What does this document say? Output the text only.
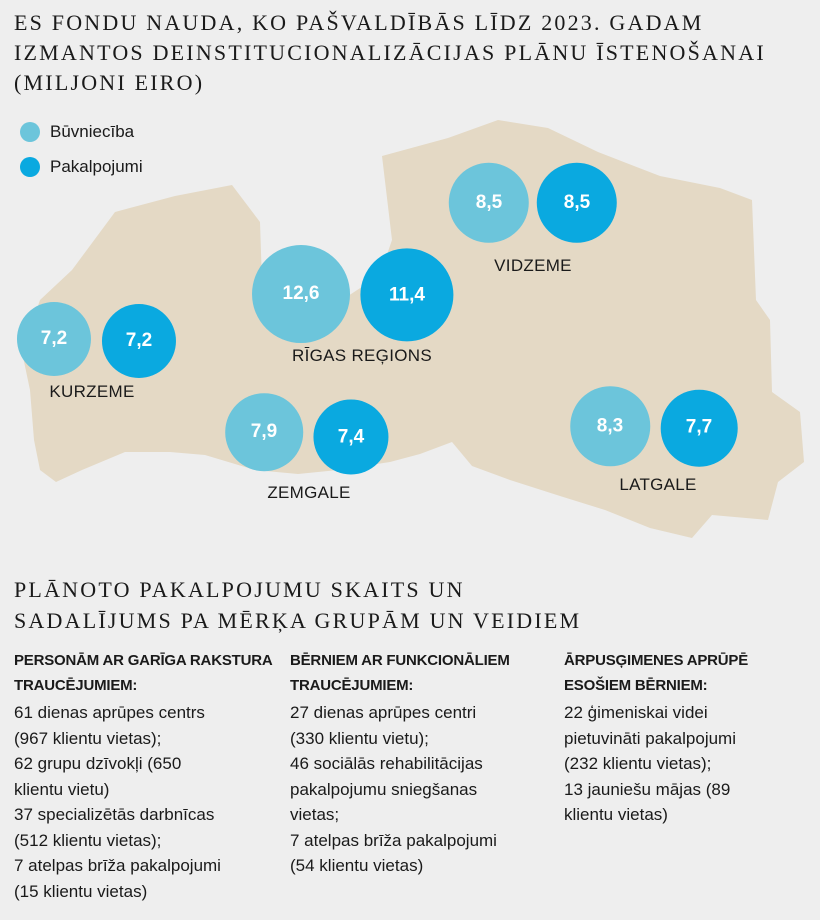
ES FONDU NAUDA, KO PAŠVALDĪBĀS LĪDZ 2023. GADAM
IZMANTOS DEINSTITUCIONALIZĀCIJAS PLĀNU ĪSTENOŠANAI
(MILJONI EIRO)
Būvniecība
Pakalpojumi
7,2	7,2
KURZEME
12,6	11,4
RĪGAS REĢIONS
8,5	8,5
VIDZEME
7,9	7,4
ZEMGALE
8,3	7,7
LATGALE
PLĀNOTO PAKALPOJUMU SKAITS UN
SADALĪJUMS PA MĒRĶA GRUPĀM UN VEIDIEM
PERSONĀM AR GARĪGA RAKSTURA
TRAUCĒJUMIEM:

61 dienas aprūpes centrs
(967 klientu vietas);
62 grupu dzīvokļi (650
klientu vietu)
37 specializētās darbnīcas
(512 klientu vietas);
7 atelpas brīža pakalpojumi
(15 klientu vietas)

BĒRNIEM AR FUNKCIONĀLIEM
TRAUCĒJUMIEM:

27 dienas aprūpes centri
(330 klientu vietu);
46 sociālās rehabilitācijas
pakalpojumu sniegšanas
vietas;
7 atelpas brīža pakalpojumi
(54 klientu vietas)

ĀRPUSĢIMENES APRŪPĒ
ESOŠIEM BĒRNIEM:

22 ģimeniskai videi
pietuvināti pakalpojumi
(232 klientu vietas);
13 jauniešu mājas (89
klientu vietas)
